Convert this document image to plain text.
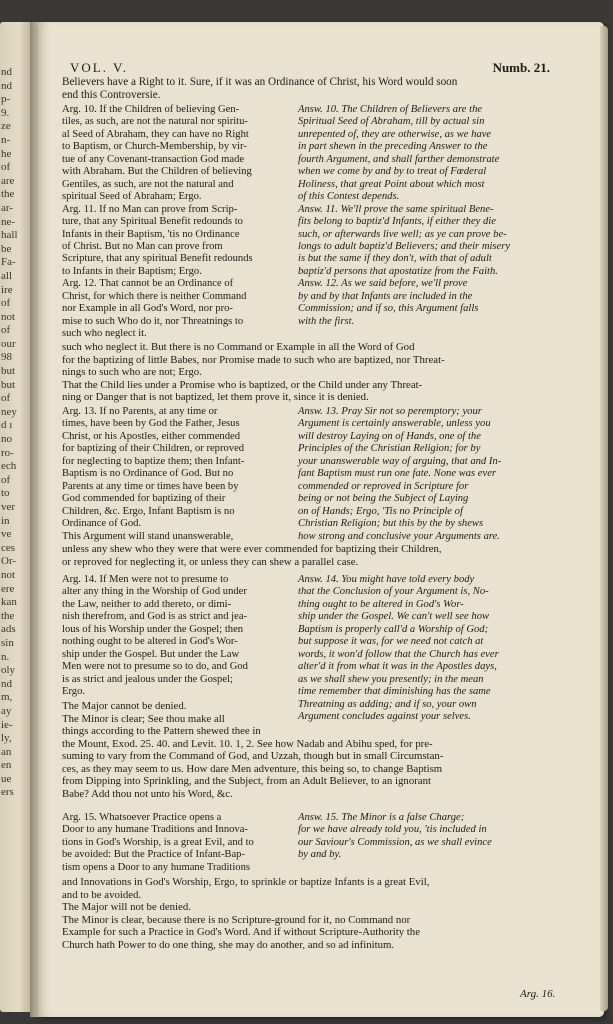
nd
nd
p-
9.
ze
n-
he
of
are
the
ar-
ne-
hall
be
Fa-
all
ire
of
not
of
our
98
but
but
of
ney
d ı
no
ro-
ech
of
to
ver
in
ve
ces
Or-
not
ere
kan
the
ads
sin
n.
oly
nd
m,
ay
ie-
ly,
an
en
ue
ers
VOL. V.	Numb. 21.
Believers have a Right to it. Sure, if it was an Ordinance of Christ, his Word would soon
end this Controversie.
Arg. 10. If the Children of believing Gen-
tiles, as such, are not the natural nor spiritu-
al Seed of Abraham, they can have no Right
to Baptism, or Church-Membership, by vir-
tue of any Covenant-transaction God made
with Abraham. But the Children of believing
Gentiles, as such, are not the natural and
spiritual Seed of Abraham; Ergo.
Arg. 11. If no Man can prove from Scrip-
ture, that any Spiritual Benefit redounds to
Infants in their Baptism, 'tis no Ordinance
of Christ. But no Man can prove from
Scripture, that any spiritual Benefit redounds
to Infants in their Baptism; Ergo.
Arg. 12. That cannot be an Ordinance of
Christ, for which there is neither Command
nor Example in all God's Word, nor pro-
mise to such Who do it, nor Threatnings to
such who neglect it.
Answ. 10. The Children of Believers are the
Spiritual Seed of Abraham, till by actual sin
unrepented of, they are otherwise, as we have
in part shewn in the preceding Answer to the
fourth Argument, and shall farther demonstrate
when we come by and by to treat of Fœderal
Holiness, that great Point about which most
of this Contest depends.
Answ. 11. We'll prove the same spiritual Bene-
fits belong to baptiz'd Infants, if either they die
such, or afterwards live well; as ye can prove be-
longs to adult baptiz'd Believers; and their misery
is but the same if they don't, with that of adult
baptiz'd persons that apostatize from the Faith.
Answ. 12. As we said before, we'll prove
by and by that Infants are included in the
Commission; and if so, this Argument falls
with the first.
such who neglect it. But there is no Command or Example in all the Word of God
for the baptizing of little Babes, nor Promise made to such who are baptized, nor Threat-
nings to such who are not; Ergo.
That the Child lies under a Promise who is baptized, or the Child under any Threat-
ning or Danger that is not baptized, let them prove it, since it is denied.
Arg. 13. If no Parents, at any time or
times, have been by God the Father, Jesus
Christ, or his Apostles, either commended
for baptizing of their Children, or reproved
for neglecting to baptize them; then Infant-
Baptism is no Ordinance of God. But no
Parents at any time or times have been by
God commended for baptizing of their
Children, &c. Ergo, Infant Baptism is no
Ordinance of God.
This Argument will stand unanswerable,
Answ. 13. Pray Sir not so peremptory; your
Argument is certainly answerable, unless you
will destroy Laying on of Hands, one of the
Principles of the Christian Religion; for by
your unanswerable way of arguing, that and In-
fant Baptism must run one fate. None was ever
commended or reproved in Scripture for
being or not being the Subject of Laying
on of Hands; Ergo, 'Tis no Principle of
Christian Religion; but this by the by shews
how strong and conclusive your Arguments are.
unless any shew who they were that were ever commended for baptizing their Children,
or reproved for neglecting it, or unless they can shew a parallel case.
Arg. 14. If Men were not to presume to
alter any thing in the Worship of God under
the Law, neither to add thereto, or dimi-
nish therefrom, and God is as strict and jea-
lous of his Worship under the Gospel; then
nothing ought to be altered in God's Wor-
ship under the Gospel. But under the Law
Men were not to presume so to do, and God
is as strict and jealous under the Gospel;
Ergo.
Answ. 14. You might have told every body
that the Conclusion of your Argument is, No-
thing ought to be altered in God's Wor-
ship under the Gospel. We can't well see how
Baptism is properly call'd a Worship of God;
but suppose it was, for we need not catch at
words, it won'd follow that the Church has ever
alter'd it from what it was in the Apostles days,
as we shall shew you presently; in the mean
time remember that diminishing has the same
Threatning as adding; and if so, your own
Argument concludes against your selves.
The Major cannot be denied.
The Minor is clear; See thou make all
things according to the Pattern shewed thee in
the Mount, Exod. 25. 40. and Levit. 10. 1, 2. See how Nadab and Abihu sped, for pre-
suming to vary from the Command of God, and Uzzah, though but in small Circumstan-
ces, as they may seem to us. How dare Men adventure, this being so, to change Baptism
from Dipping into Sprinkling, and the Subject, from an Adult Believer, to an ignorant
Babe? Add thou not unto his Word, &c.
Arg. 15. Whatsoever Practice opens a
Door to any humane Traditions and Innova-
tions in God's Worship, is a great Evil, and to
be avoided: But the Practice of Infant-Bap-
tism opens a Door to any humane Traditions
Answ. 15. The Minor is a false Charge;
for we have already told you, 'tis included in
our Saviour's Commission, as we shall evince
by and by.
and Innovations in God's Worship, Ergo, to sprinkle or baptize Infants is a great Evil,
and to be avoided.
The Major will not be denied.
The Minor is clear, because there is no Scripture-ground for it, no Command nor
Example for such a Practice in God's Word. And if without Scripture-Authority the
Church hath Power to do one thing, she may do another, and so ad infinitum.
Arg. 16.
